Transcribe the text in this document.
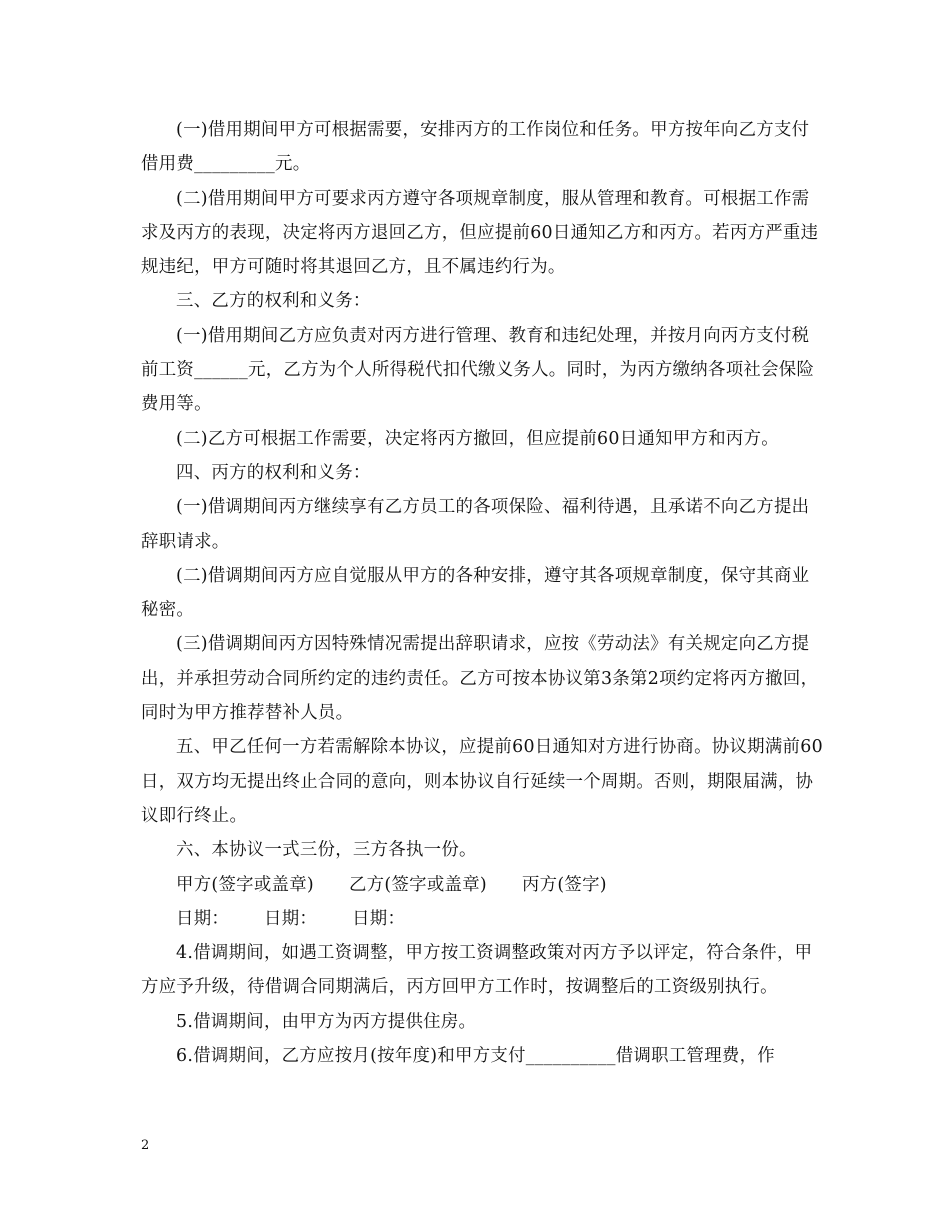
(一)借用期间甲方可根据需要，安排丙方的工作岗位和任务。甲方按年向乙方支付借用费_________元。

(二)借用期间甲方可要求丙方遵守各项规章制度，服从管理和教育。可根据工作需求及丙方的表现，决定将丙方退回乙方，但应提前60日通知乙方和丙方。若丙方严重违规违纪，甲方可随时将其退回乙方，且不属违约行为。

三、乙方的权利和义务：

(一)借用期间乙方应负责对丙方进行管理、教育和违纪处理，并按月向丙方支付税前工资______元，乙方为个人所得税代扣代缴义务人。同时，为丙方缴纳各项社会保险费用等。

(二)乙方可根据工作需要，决定将丙方撤回，但应提前60日通知甲方和丙方。

四、丙方的权利和义务：

(一)借调期间丙方继续享有乙方员工的各项保险、福利待遇，且承诺不向乙方提出辞职请求。

(二)借调期间丙方应自觉服从甲方的各种安排，遵守其各项规章制度，保守其商业秘密。

(三)借调期间丙方因特殊情况需提出辞职请求，应按《劳动法》有关规定向乙方提出，并承担劳动合同所约定的违约责任。乙方可按本协议第3条第2项约定将丙方撤回，同时为甲方推荐替补人员。

五、甲乙任何一方若需解除本协议，应提前60日通知对方进行协商。协议期满前60日，双方均无提出终止合同的意向，则本协议自行延续一个周期。否则，期限届满，协议即行终止。

六、本协议一式三份，三方各执一份。

甲方(签字或盖章)      乙方(签字或盖章)      丙方(签字)

日期：      日期：      日期：

4.借调期间，如遇工资调整，甲方按工资调整政策对丙方予以评定，符合条件，甲方应予升级，待借调合同期满后，丙方回甲方工作时，按调整后的工资级别执行。

5.借调期间，由甲方为丙方提供住房。

6.借调期间，乙方应按月(按年度)和甲方支付__________借调职工管理费，作

2
